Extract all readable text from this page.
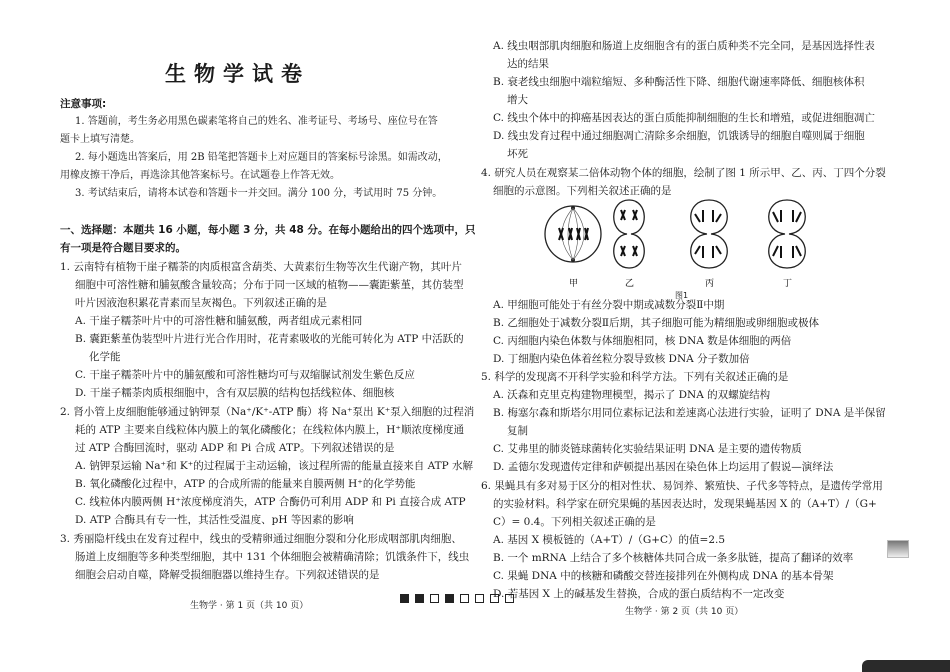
生物学试卷
注意事项:
1. 答题前，考生务必用黑色碳素笔将自己的姓名、准考证号、考场号、座位号在答
题卡上填写清楚。
2. 每小题选出答案后，用 2B 铅笔把答题卡上对应题目的答案标号涂黑。如需改动，
用橡皮擦干净后，再选涂其他答案标号。在试题卷上作答无效。
3. 考试结束后，请将本试卷和答题卡一并交回。满分 100 分，考试用时 75 分钟。
一、选择题：本题共 16 小题，每小题 3 分，共 48 分。在每小题给出的四个选项中，只
有一项是符合题目要求的。
1. 云南特有植物干崖子糯荼的肉质根富含葫类、大黄素衍生物等次生代谢产物，其叶片
细胞中可溶性糖和脯氨酸含量较高；分布于同一区域的植物——囊距紫堇，其仿装型
叶片因液泡积累花青素而呈灰褐色。下列叙述正确的是
A. 干崖子糯荼叶片中的可溶性糖和脯氨酸，两者组成元素相同
B. 囊距紫堇伪装型叶片进行光合作用时，花青素吸收的光能可转化为 ATP 中活跃的
化学能
C. 干崖子糯荼叶片中的脯氨酸和可溶性糖均可与双缩脲试剂发生紫色反应
D. 干崖子糯荼肉质根细胞中，含有双层膜的结构包括线粒体、细胞核
2. 肾小管上皮细胞能够通过钠钾泵（Na⁺/K⁺-ATP 酶）将 Na⁺泵出 K⁺泵入细胞的过程消
耗的 ATP 主要来自线粒体内膜上的氧化磷酸化；在线粒体内膜上，H⁺顺浓度梯度通
过 ATP 合酶回流时，驱动 ADP 和 Pi 合成 ATP。下列叙述错误的是
A. 钠钾泵运输 Na⁺和 K⁺的过程属于主动运输，该过程所需的能量直接来自 ATP 水解
B. 氧化磷酸化过程中，ATP 的合成所需的能量来自膜两侧 H⁺的化学势能
C. 线粒体内膜两侧 H⁺浓度梯度消失，ATP 合酶仍可利用 ADP 和 Pi 直接合成 ATP
D. ATP 合酶具有专一性，其活性受温度、pH 等因素的影响
3. 秀丽隐杆线虫在发育过程中，线虫的受精卵通过细胞分裂和分化形成咽部肌肉细胞、
肠道上皮细胞等多种类型细胞，其中 131 个体细胞会被精确清除；饥饿条件下，线虫
细胞会启动自噬，降解受损细胞器以维持生存。下列叙述错误的是
生物学 · 第 1 页（共 10 页）
A. 线虫咽部肌肉细胞和肠道上皮细胞含有的蛋白质种类不完全同，是基因选择性表
达的结果
B. 衰老线虫细胞中端粒缩短、多种酶活性下降、细胞代谢速率降低、细胞核体积
增大
C. 线虫个体中的抑癌基因表达的蛋白质能抑制细胞的生长和增殖，或促进细胞凋亡
D. 线虫发育过程中通过细胞凋亡清除多余细胞，饥饿诱导的细胞自噬则属于细胞
坏死
4. 研究人员在观察某二倍体动物个体的细胞，绘制了图 1 所示甲、乙、丙、丁四个分裂
细胞的示意图。下列相关叙述正确的是
甲	乙	丙	丁
图1
A. 甲细胞可能处于有丝分裂中期或减数分裂Ⅱ中期
B. 乙细胞处于减数分裂Ⅱ后期，其子细胞可能为精细胞或卵细胞或极体
C. 丙细胞内染色体数与体细胞相同，核 DNA 数是体细胞的两倍
D. 丁细胞内染色体着丝粒分裂导致核 DNA 分子数加倍
5. 科学的发现离不开科学实验和科学方法。下列有关叙述正确的是
A. 沃森和克里克构建物理模型，揭示了 DNA 的双螺旋结构
B. 梅塞尔森和斯塔尔用同位素标记法和差速离心法进行实验，证明了 DNA 是半保留
复制
C. 艾弗里的肺炎链球菌转化实验结果证明 DNA 是主要的遗传物质
D. 孟德尔发现遗传定律和萨顿提出基因在染色体上均运用了假说—演绎法
6. 果蝇具有多对易于区分的相对性状、易饲养、繁殖快、子代多等特点，是遗传学常用
的实验材料。科学家在研究果蝇的基因表达时，发现果蝇基因 X 的（A+T）/（G+
C）= 0.4。下列相关叙述正确的是
A. 基因 X 模板链的（A+T）/（G+C）的值=2.5
B. 一个 mRNA 上结合了多个核糖体共同合成一条多肽链，提高了翻译的效率
C. 果蝇 DNA 中的核糖和磷酸交替连接排列在外侧构成 DNA 的基本骨架
D. 若基因 X 上的碱基发生替换，合成的蛋白质结构不一定改变
生物学 · 第 2 页（共 10 页）
